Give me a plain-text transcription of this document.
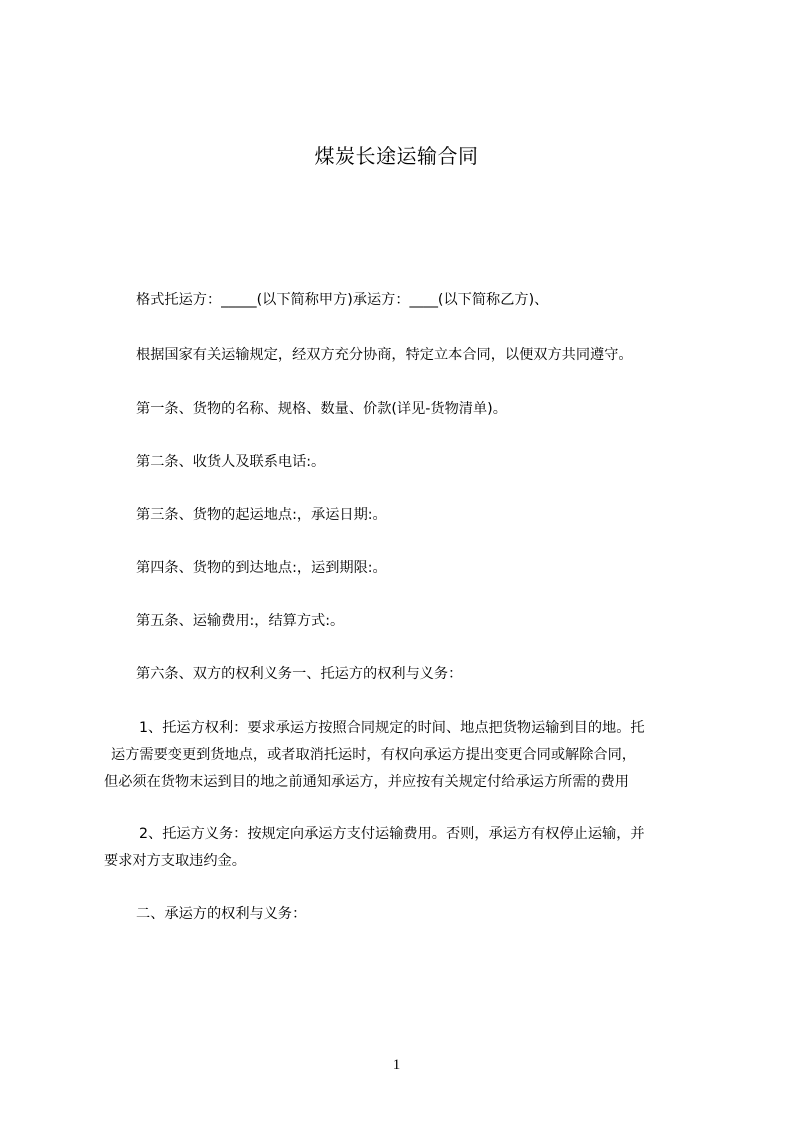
煤炭长途运输合同
格式托运方：_____(以下简称甲方)承运方：____(以下简称乙方)、
根据国家有关运输规定，经双方充分协商，特定立本合同，以便双方共同遵守。
第一条、货物的名称、规格、数量、价款(详见-货物清单)。
第二条、收货人及联系电话:。
第三条、货物的起运地点:，承运日期:。
第四条、货物的到达地点:，运到期限:。
第五条、运输费用:，结算方式:。
第六条、双方的权利义务一、托运方的权利与义务：
1、托运方权利：要求承运方按照合同规定的时间、地点把货物运输到目的地。托
运方需要变更到货地点，或者取消托运时，有权向承运方提出变更合同或解除合同，
但必须在货物末运到目的地之前通知承运方，并应按有关规定付给承运方所需的费用
2、托运方义务：按规定向承运方支付运输费用。否则，承运方有权停止运输，并
要求对方支取违约金。
二、承运方的权利与义务：
1
